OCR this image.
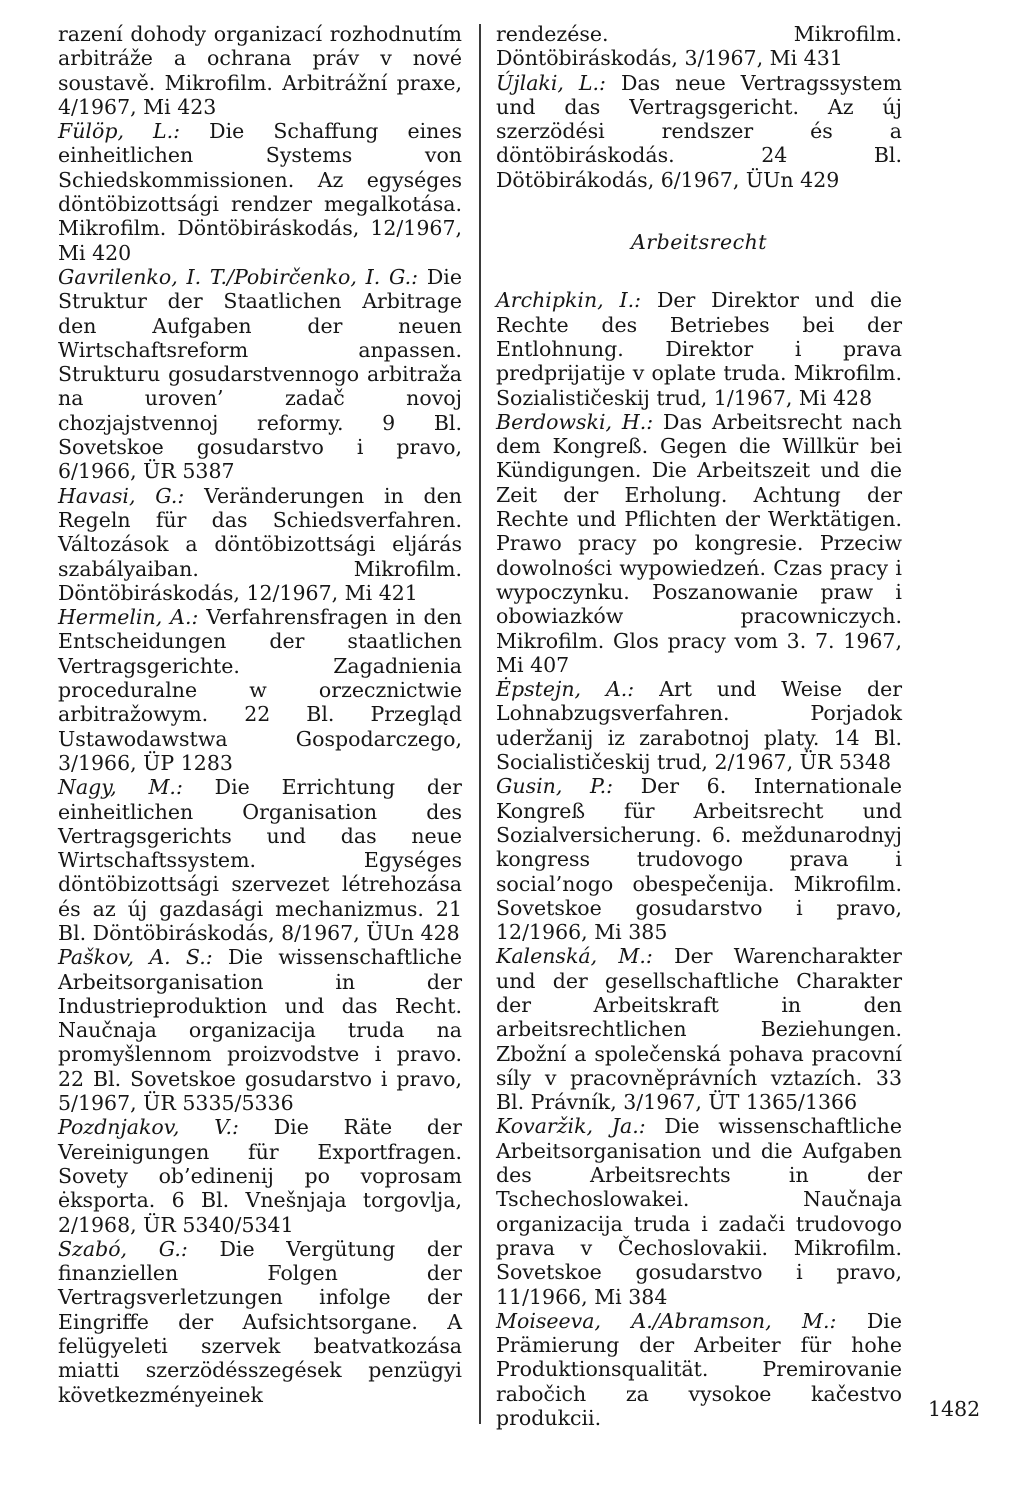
razení dohody organizací rozhodnutím arbitráže a ochrana práv v nové soustavě. Mikrofilm. Arbitrážní praxe, 4/1967, Mi 423

Fülöp, L.: Die Schaffung eines einheitlichen Systems von Schiedskommissionen. Az egységes döntöbizottsági rendzer megalkotása. Mikrofilm. Döntöbiráskodás, 12/1967, Mi 420

Gavrilenko, I. T./Pobirčenko, I. G.: Die Struktur der Staatlichen Arbitrage den Aufgaben der neuen Wirtschaftsreform anpassen. Strukturu gosudarstvennogo arbitraža na uroven’ zadač novoj chozjajstvennoj reformy. 9 Bl. Sovetskoe gosudarstvo i pravo, 6/1966, ÜR 5387

Havasi, G.: Veränderungen in den Regeln für das Schiedsverfahren. Változások a döntöbizottsági eljárás szabályaiban. Mikrofilm. Döntöbiráskodás, 12/1967, Mi 421

Hermelin, A.: Verfahrensfragen in den Entscheidungen der staatlichen Vertragsgerichte. Zagadnienia proceduralne w orzecznictwie arbitražowym. 22 Bl. Przegląd Ustawodawstwa Gospodarczego, 3/1966, ÜP 1283

Nagy, M.: Die Errichtung der einheitlichen Organisation des Vertragsgerichts und das neue Wirtschaftssystem. Egységes döntöbizottsági szervezet létrehozása és az új gazdasági mechanizmus. 21 Bl. Döntöbiráskodás, 8/1967, ÜUn 428

Paškov, A. S.: Die wissenschaftliche Arbeitsorganisation in der Industrieproduktion und das Recht. Naučnaja organizacija truda na promyšlennom proizvodstve i pravo. 22 Bl. Sovetskoe gosudarstvo i pravo, 5/1967, ÜR 5335/5336

Pozdnjakov, V.: Die Räte der Vereinigungen für Exportfragen. Sovety ob’edinenij po voprosam ėksporta. 6 Bl. Vnešnjaja torgovlja, 2/1968, ÜR 5340/5341

Szabó, G.: Die Vergütung der finanziellen Folgen der Vertragsverletzungen infolge der Eingriffe der Aufsichtsorgane. A felügyeleti szervek beatvatkozása miatti szerzödésszegések penzügyi következményeinek

rendezése. Mikrofilm. Döntöbiráskodás, 3/1967, Mi 431

Újlaki, L.: Das neue Vertragssystem und das Vertragsgericht. Az új szerzödési rendszer és a döntöbiráskodás. 24 Bl. Dötöbirákodás, 6/1967, ÜUn 429

Arbeitsrecht

Archipkin, I.: Der Direktor und die Rechte des Betriebes bei der Entlohnung. Direktor i prava predprijatije v oplate truda. Mikrofilm. Sozialističeskij trud, 1/1967, Mi 428

Berdowski, H.: Das Arbeitsrecht nach dem Kongreß. Gegen die Willkür bei Kündigungen. Die Arbeitszeit und die Zeit der Erholung. Achtung der Rechte und Pflichten der Werktätigen. Prawo pracy po kongresie. Przeciw dowolności wypowiedzeń. Czas pracy i wypoczynku. Poszanowanie praw i obowiazków pracowniczych. Mikrofilm. Glos pracy vom 3. 7. 1967, Mi 407

Ėpstejn, A.: Art und Weise der Lohnabzugsverfahren. Porjadok uderžanij iz zarabotnoj platy. 14 Bl. Socialističeskij trud, 2/1967, ÜR 5348

Gusin, P.: Der 6. Internationale Kongreß für Arbeitsrecht und Sozialversicherung. 6. meždunarodnyj kongress trudovogo prava i social’nogo obespečenija. Mikrofilm. Sovetskoe gosudarstvo i pravo, 12/1966, Mi 385

Kalenská, M.: Der Warencharakter und der gesellschaftliche Charakter der Arbeitskraft in den arbeitsrechtlichen Beziehungen. Zbožní a společenská pohava pracovní síly v pracovněprávních vztazích. 33 Bl. Právník, 3/1967, ÜT 1365/1366

Kovaržik, Ja.: Die wissenschaftliche Arbeitsorganisation und die Aufgaben des Arbeitsrechts in der Tschechoslowakei. Naučnaja organizacija truda i zadači trudovogo prava v Čechoslovakii. Mikrofilm. Sovetskoe gosudarstvo i pravo, 11/1966, Mi 384

Moiseeva, A./Abramson, M.: Die Prämierung der Arbeiter für hohe Produktionsqualität. Premirovanie rabočich za vysokoe kačestvo produkcii.	1482
